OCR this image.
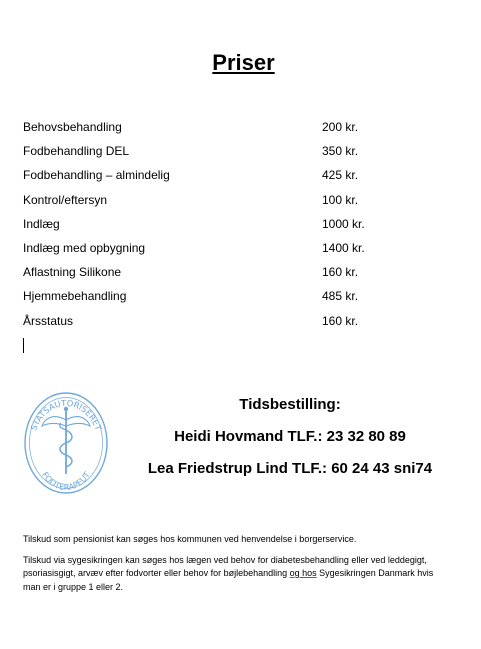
Priser
Behovsbehandling	200 kr.
Fodbehandling DEL	350 kr.
Fodbehandling – almindelig	425 kr.
Kontrol/eftersyn	100 kr.
Indlæg	1000 kr.
Indlæg med opbygning	1400 kr.
Aflastning Silikone	160 kr.
Hjemmebehandling	485 kr.
Årsstatus	160 kr.
STATSAUTORISERET
FODTERAPEUT
Tidsbestilling:
Heidi Hovmand TLF.: 23 32 80 89
Lea Friedstrup Lind TLF.: 60 24 43 sni74

Tilskud som pensionist kan søges hos kommunen ved henvendelse i borgerservice.

Tilskud via sygesikringen kan søges hos lægen ved behov for diabetesbehandling eller ved leddegigt, psoriasisgigt, arvæv efter fodvorter eller behov for bøjlebehandling og hos Sygesikringen Danmark hvis man er i gruppe 1 eller 2.
